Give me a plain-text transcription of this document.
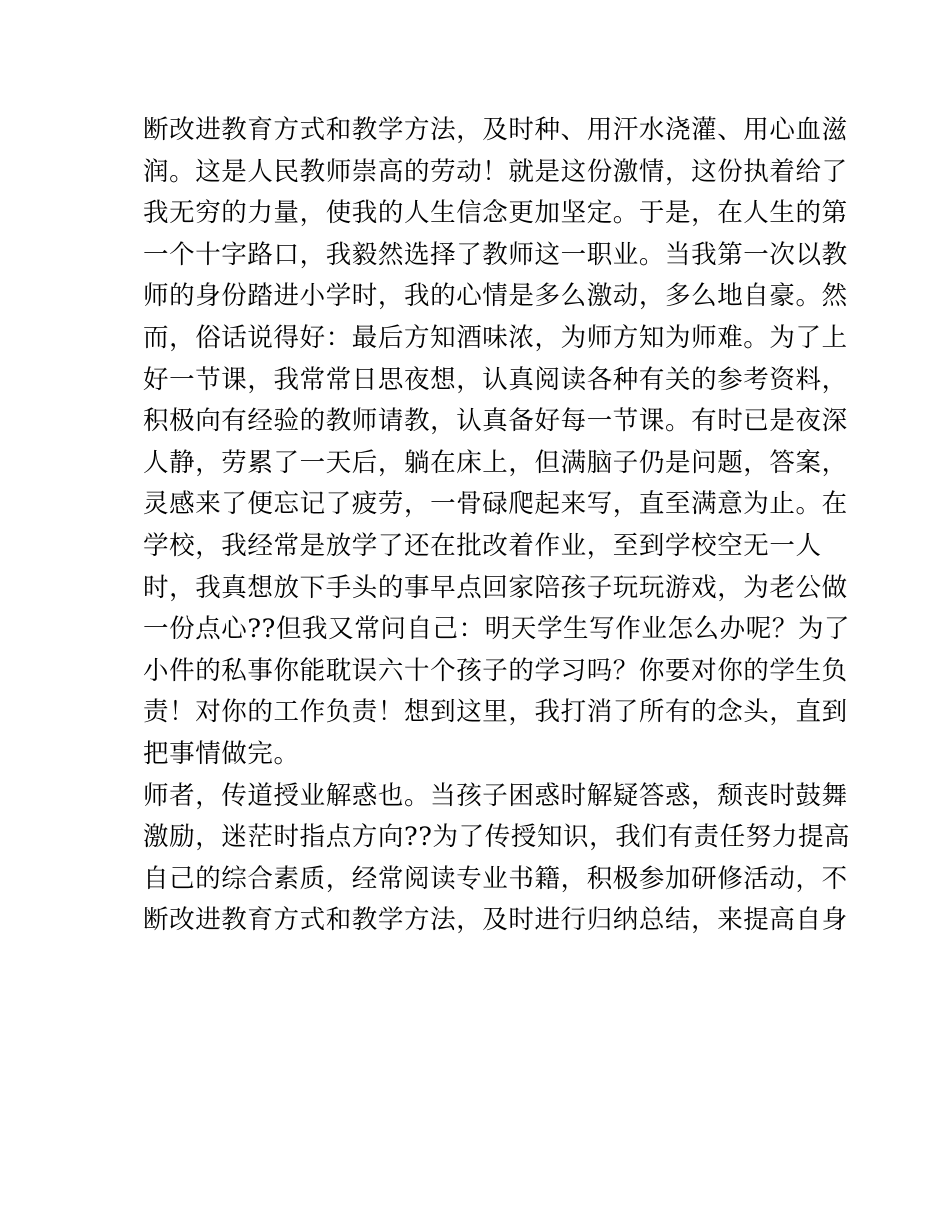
断改进教育方式和教学方法，及时种、用汗水浇灌、用心血滋
润。这是人民教师崇高的劳动！就是这份激情，这份执着给了
我无穷的力量，使我的人生信念更加坚定。于是，在人生的第
一个十字路口，我毅然选择了教师这一职业。当我第一次以教
师的身份踏进小学时，我的心情是多么激动，多么地自豪。然
而，俗话说得好：最后方知酒味浓，为师方知为师难。为了上
好一节课，我常常日思夜想，认真阅读各种有关的参考资料，
积极向有经验的教师请教，认真备好每一节课。有时已是夜深
人静，劳累了一天后，躺在床上，但满脑子仍是问题，答案，
灵感来了便忘记了疲劳，一骨碌爬起来写，直至满意为止。在
学校，我经常是放学了还在批改着作业，至到学校空无一人
时，我真想放下手头的事早点回家陪孩子玩玩游戏，为老公做
一份点心??但我又常问自己：明天学生写作业怎么办呢？为了
小件的私事你能耽误六十个孩子的学习吗？你要对你的学生负
责！对你的工作负责！想到这里，我打消了所有的念头，直到
把事情做完。
师者，传道授业解惑也。当孩子困惑时解疑答惑，颓丧时鼓舞
激励，迷茫时指点方向??为了传授知识，我们有责任努力提高
自己的综合素质，经常阅读专业书籍，积极参加研修活动，不
断改进教育方式和教学方法，及时进行归纳总结，来提高自身
